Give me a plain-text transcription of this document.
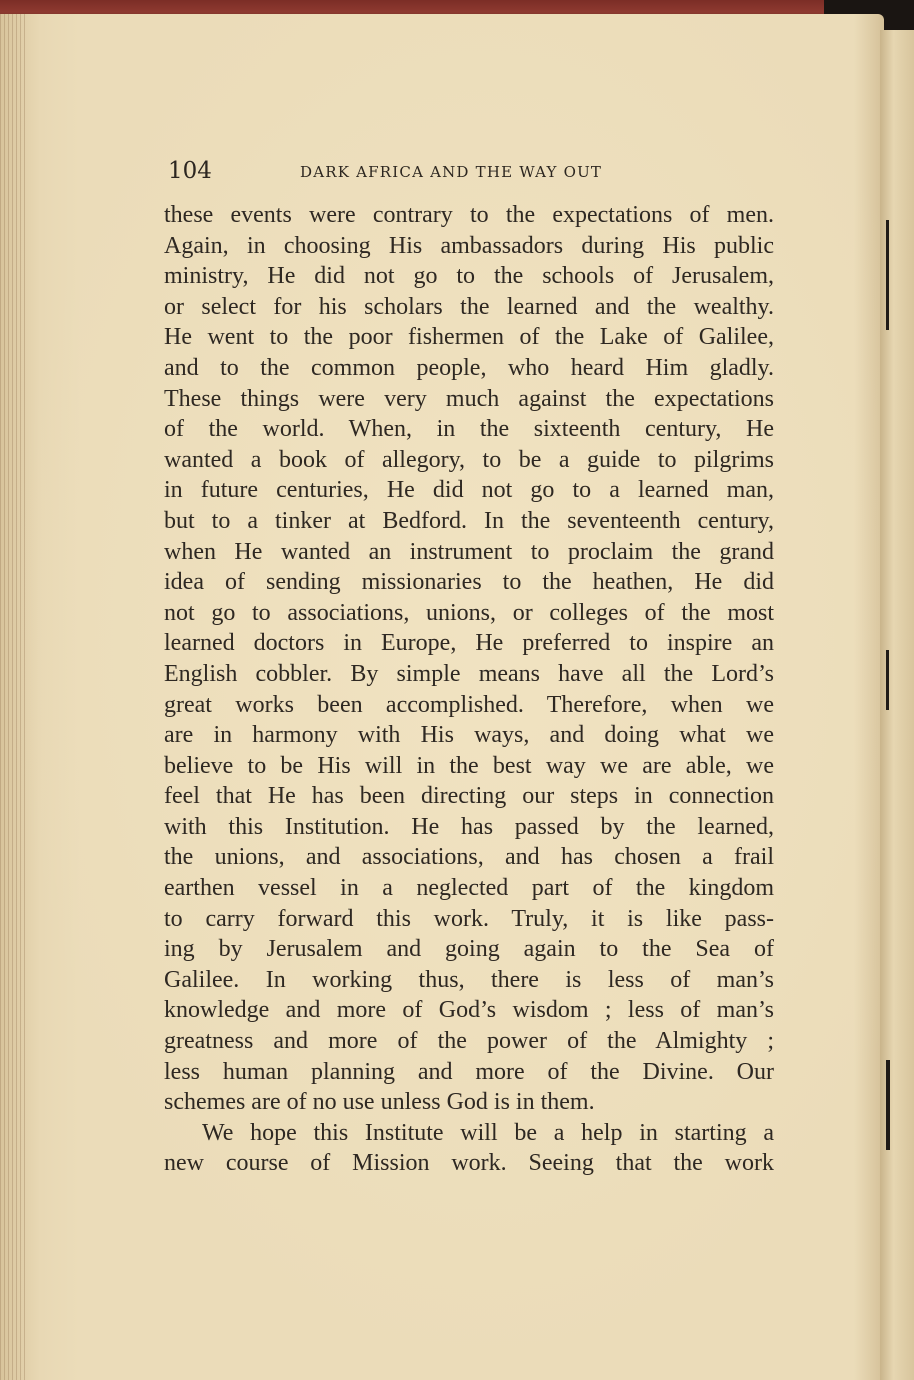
104	DARK AFRICA AND THE WAY OUT
these events were contrary to the expectations of men.
Again, in choosing His ambassadors during His public
ministry, He did not go to the schools of Jerusalem,
or select for his scholars the learned and the wealthy.
He went to the poor fishermen of the Lake of Galilee,
and to the common people, who heard Him gladly.
These things were very much against the expectations
of the world. When, in the sixteenth century, He
wanted a book of allegory, to be a guide to pilgrims
in future centuries, He did not go to a learned man,
but to a tinker at Bedford. In the seventeenth century,
when He wanted an instrument to proclaim the grand
idea of sending missionaries to the heathen, He did
not go to associations, unions, or colleges of the most
learned doctors in Europe, He preferred to inspire an
English cobbler. By simple means have all the Lord’s
great works been accomplished. Therefore, when we
are in harmony with His ways, and doing what we
believe to be His will in the best way we are able, we
feel that He has been directing our steps in connection
with this Institution. He has passed by the learned,
the unions, and associations, and has chosen a frail
earthen vessel in a neglected part of the kingdom
to carry forward this work. Truly, it is like pass-
ing by Jerusalem and going again to the Sea of
Galilee. In working thus, there is less of man’s
knowledge and more of God’s wisdom ; less of man’s
greatness and more of the power of the Almighty ;
less human planning and more of the Divine. Our
schemes are of no use unless God is in them.
We hope this Institute will be a help in starting a
new course of Mission work. Seeing that the work
